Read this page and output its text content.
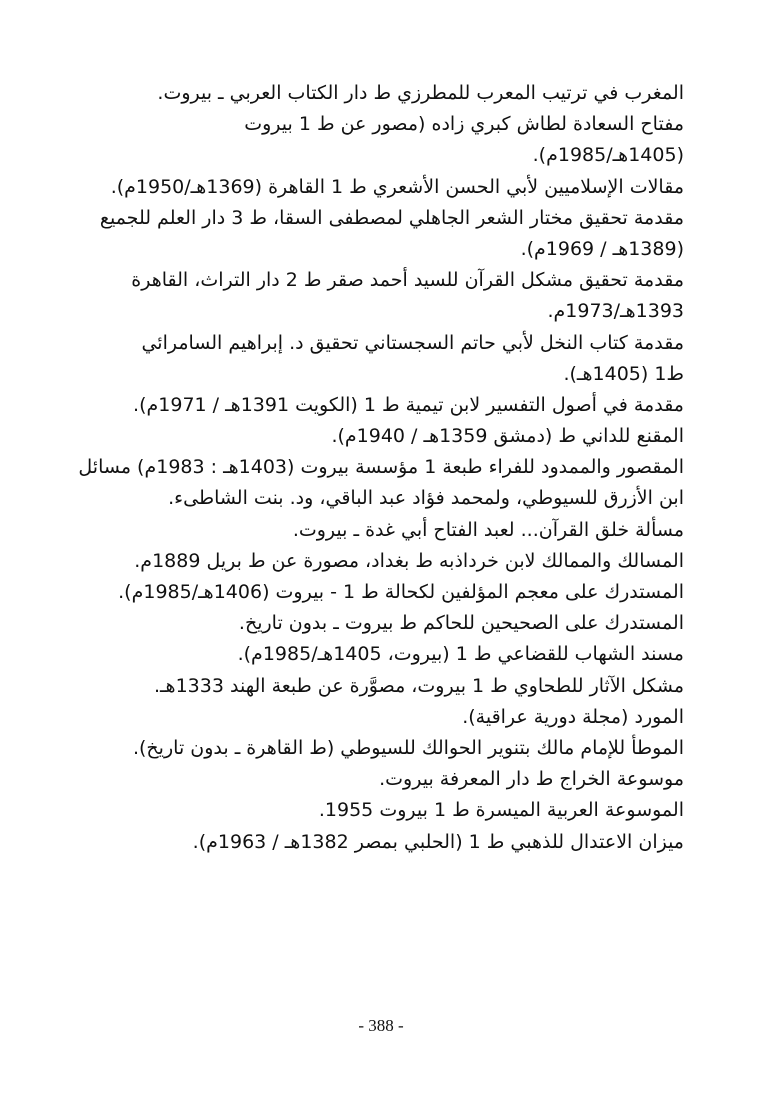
المغرب في ترتيب المعرب للمطرزي ط دار الكتاب العربي ـ بيروت.
مفتاح السعادة لطاش كبري زاده (مصور عن ط 1 بيروت
(1405هـ/1985م).
مقالات الإسلاميين لأبي الحسن الأشعري ط 1 القاهرة (1369هـ/1950م).
مقدمة تحقيق مختار الشعر الجاهلي لمصطفى السقا، ط 3 دار العلم للجميع
(1389هـ / 1969م).
مقدمة تحقيق مشكل القرآن للسيد أحمد صقر ط 2 دار التراث، القاهرة
1393هـ/1973م.
مقدمة كتاب النخل لأبي حاتم السجستاني تحقيق د. إبراهيم السامرائي
ط1 (1405هـ).
مقدمة في أصول التفسير لابن تيمية ط 1 (الكويت 1391هـ / 1971م).
المقنع للداني ط (دمشق 1359هـ / 1940م).
المقصور والممدود للفراء طبعة 1 مؤسسة بيروت (1403هـ : 1983م) مسائل
ابن الأزرق للسيوطي، ولمحمد فؤاد عبد الباقي، ود. بنت الشاطىء.
مسألة خلق القرآن... لعبد الفتاح أبي غدة ـ بيروت.
المسالك والممالك لابن خرداذبه ط بغداد، مصورة عن ط بريل 1889م.
المستدرك على معجم المؤلفين لكحالة ط 1 - بيروت (1406هـ/1985م).
المستدرك على الصحيحين للحاكم ط بيروت ـ بدون تاريخ.
مسند الشهاب للقضاعي ط 1 (بيروت، 1405هـ/1985م).
مشكل الآثار للطحاوي ط 1 بيروت، مصوَّرة عن طبعة الهند 1333هـ.
المورد (مجلة دورية عراقية).
الموطأ للإمام مالك بتنوير الحوالك للسيوطي (ط القاهرة ـ بدون تاريخ).
موسوعة الخراج ط دار المعرفة بيروت.
الموسوعة العربية الميسرة ط 1 بيروت 1955.
ميزان الاعتدال للذهبي ط 1 (الحلبي بمصر 1382هـ / 1963م).
- 388 -
